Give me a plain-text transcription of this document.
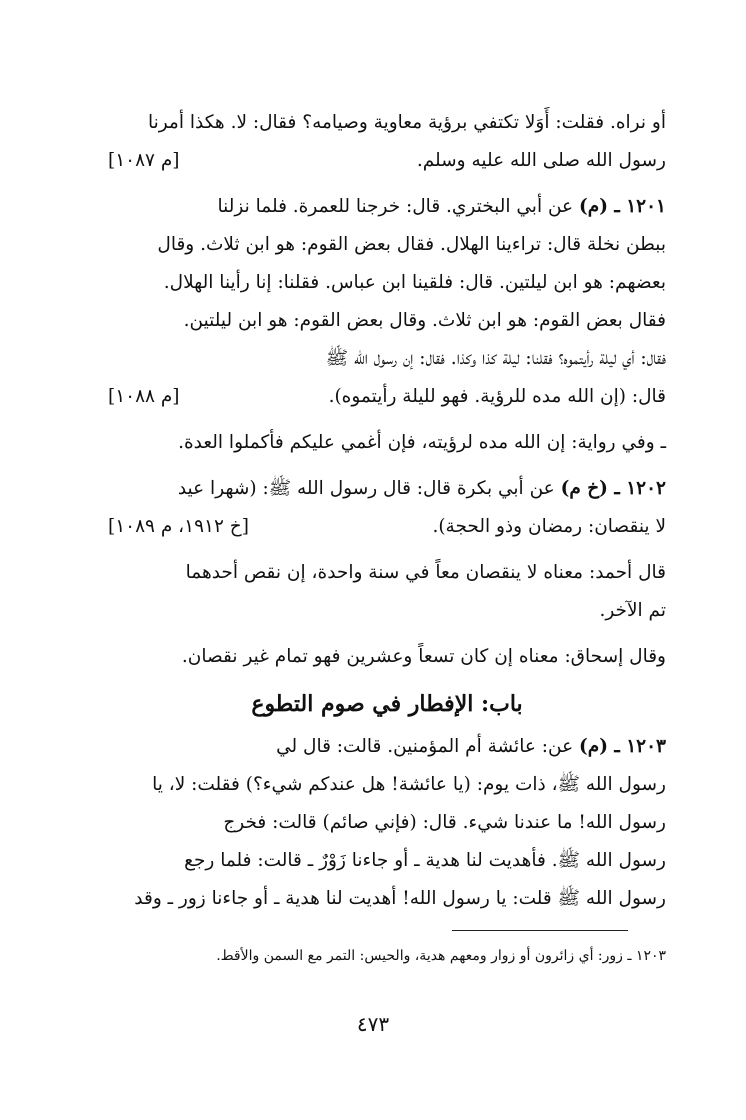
أو نراه. فقلت: أَوَلا تكتفي برؤية معاوية وصيامه؟ فقال: لا. هكذا أمرنا
رسول الله صلى الله عليه وسلم.
[م ١٠٨٧]

١٢٠١ ـ (م) عن أبي البختري. قال: خرجنا للعمرة. فلما نزلنا
ببطن نخلة قال: تراءينا الهلال. فقال بعض القوم: هو ابن ثلاث. وقال
بعضهم: هو ابن ليلتين. قال: فلقينا ابن عباس. فقلنا: إنا رأينا الهلال.
فقال بعض القوم: هو ابن ثلاث. وقال بعض القوم: هو ابن ليلتين.
فقال: أي ليلة رأيتموه؟ فقلنا: ليلة كذا وكذا. فقال: إن رسول الله ﷺ
قال: (إن الله مده للرؤية. فهو لليلة رأيتموه).
[م ١٠٨٨]

ـ وفي رواية: إن الله مده لرؤيته، فإن أغمي عليكم فأكملوا العدة.

١٢٠٢ ـ (خ م) عن أبي بكرة قال: قال رسول الله ﷺ: (شهرا عيد
لا ينقصان: رمضان وذو الحجة).
[خ ١٩١٢، م ١٠٨٩]

قال أحمد: معناه لا ينقصان معاً في سنة واحدة، إن نقص أحدهما
تم الآخر.

وقال إسحاق: معناه إن كان تسعاً وعشرين فهو تمام غير نقصان.

باب: الإفطار في صوم التطوع

١٢٠٣ ـ (م) عن: عائشة أم المؤمنين. قالت: قال لي
رسول الله ﷺ، ذات يوم: (يا عائشة! هل عندكم شيء؟) فقلت: لا، يا
رسول الله! ما عندنا شيء. قال: (فإني صائم) قالت: فخرج
رسول الله ﷺ. فأهديت لنا هدية ـ أو جاءنا زَوْرٌ ـ قالت: فلما رجع
رسول الله ﷺ قلت: يا رسول الله! أهديت لنا هدية ـ أو جاءنا زور ـ وقد

١٢٠٣ ـ زور: أي زائرون أو زوار ومعهم هدية، والحيس: التمر مع السمن والأقط.
٤٧٣
